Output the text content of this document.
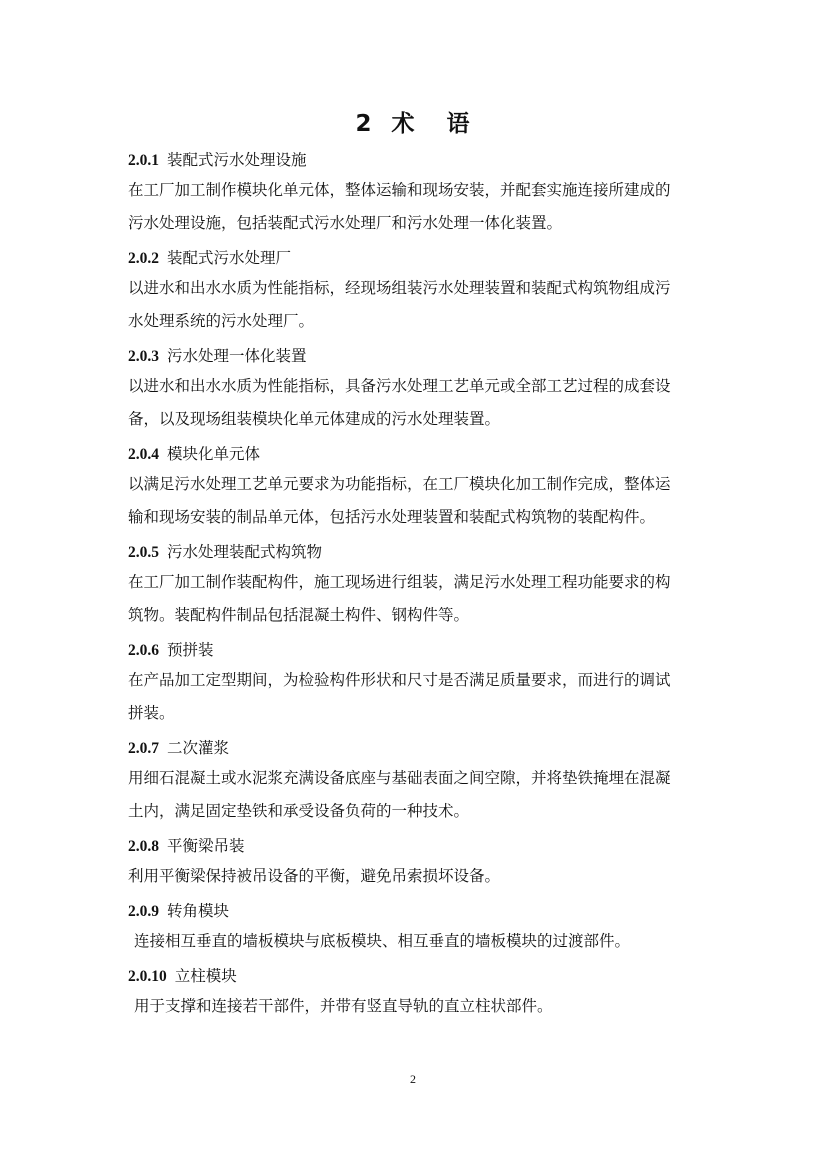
2 术 语

2.0.1 装配式污水处理设施

在工厂加工制作模块化单元体，整体运输和现场安装，并配套实施连接所建成的

污水处理设施，包括装配式污水处理厂和污水处理一体化装置。

2.0.2 装配式污水处理厂

以进水和出水水质为性能指标，经现场组装污水处理装置和装配式构筑物组成污

水处理系统的污水处理厂。

2.0.3 污水处理一体化装置

以进水和出水水质为性能指标，具备污水处理工艺单元或全部工艺过程的成套设

备，以及现场组装模块化单元体建成的污水处理装置。

2.0.4 模块化单元体

以满足污水处理工艺单元要求为功能指标，在工厂模块化加工制作完成，整体运

输和现场安装的制品单元体，包括污水处理装置和装配式构筑物的装配构件。

2.0.5 污水处理装配式构筑物

在工厂加工制作装配构件，施工现场进行组装，满足污水处理工程功能要求的构

筑物。装配构件制品包括混凝土构件、钢构件等。

2.0.6 预拼装

在产品加工定型期间，为检验构件形状和尺寸是否满足质量要求，而进行的调试

拼装。

2.0.7 二次灌浆

用细石混凝土或水泥浆充满设备底座与基础表面之间空隙，并将垫铁掩埋在混凝

土内，满足固定垫铁和承受设备负荷的一种技术。

2.0.8 平衡梁吊装

利用平衡梁保持被吊设备的平衡，避免吊索损坏设备。

2.0.9 转角模块

连接相互垂直的墙板模块与底板模块、相互垂直的墙板模块的过渡部件。

2.0.10 立柱模块

用于支撑和连接若干部件，并带有竖直导轨的直立柱状部件。

2
